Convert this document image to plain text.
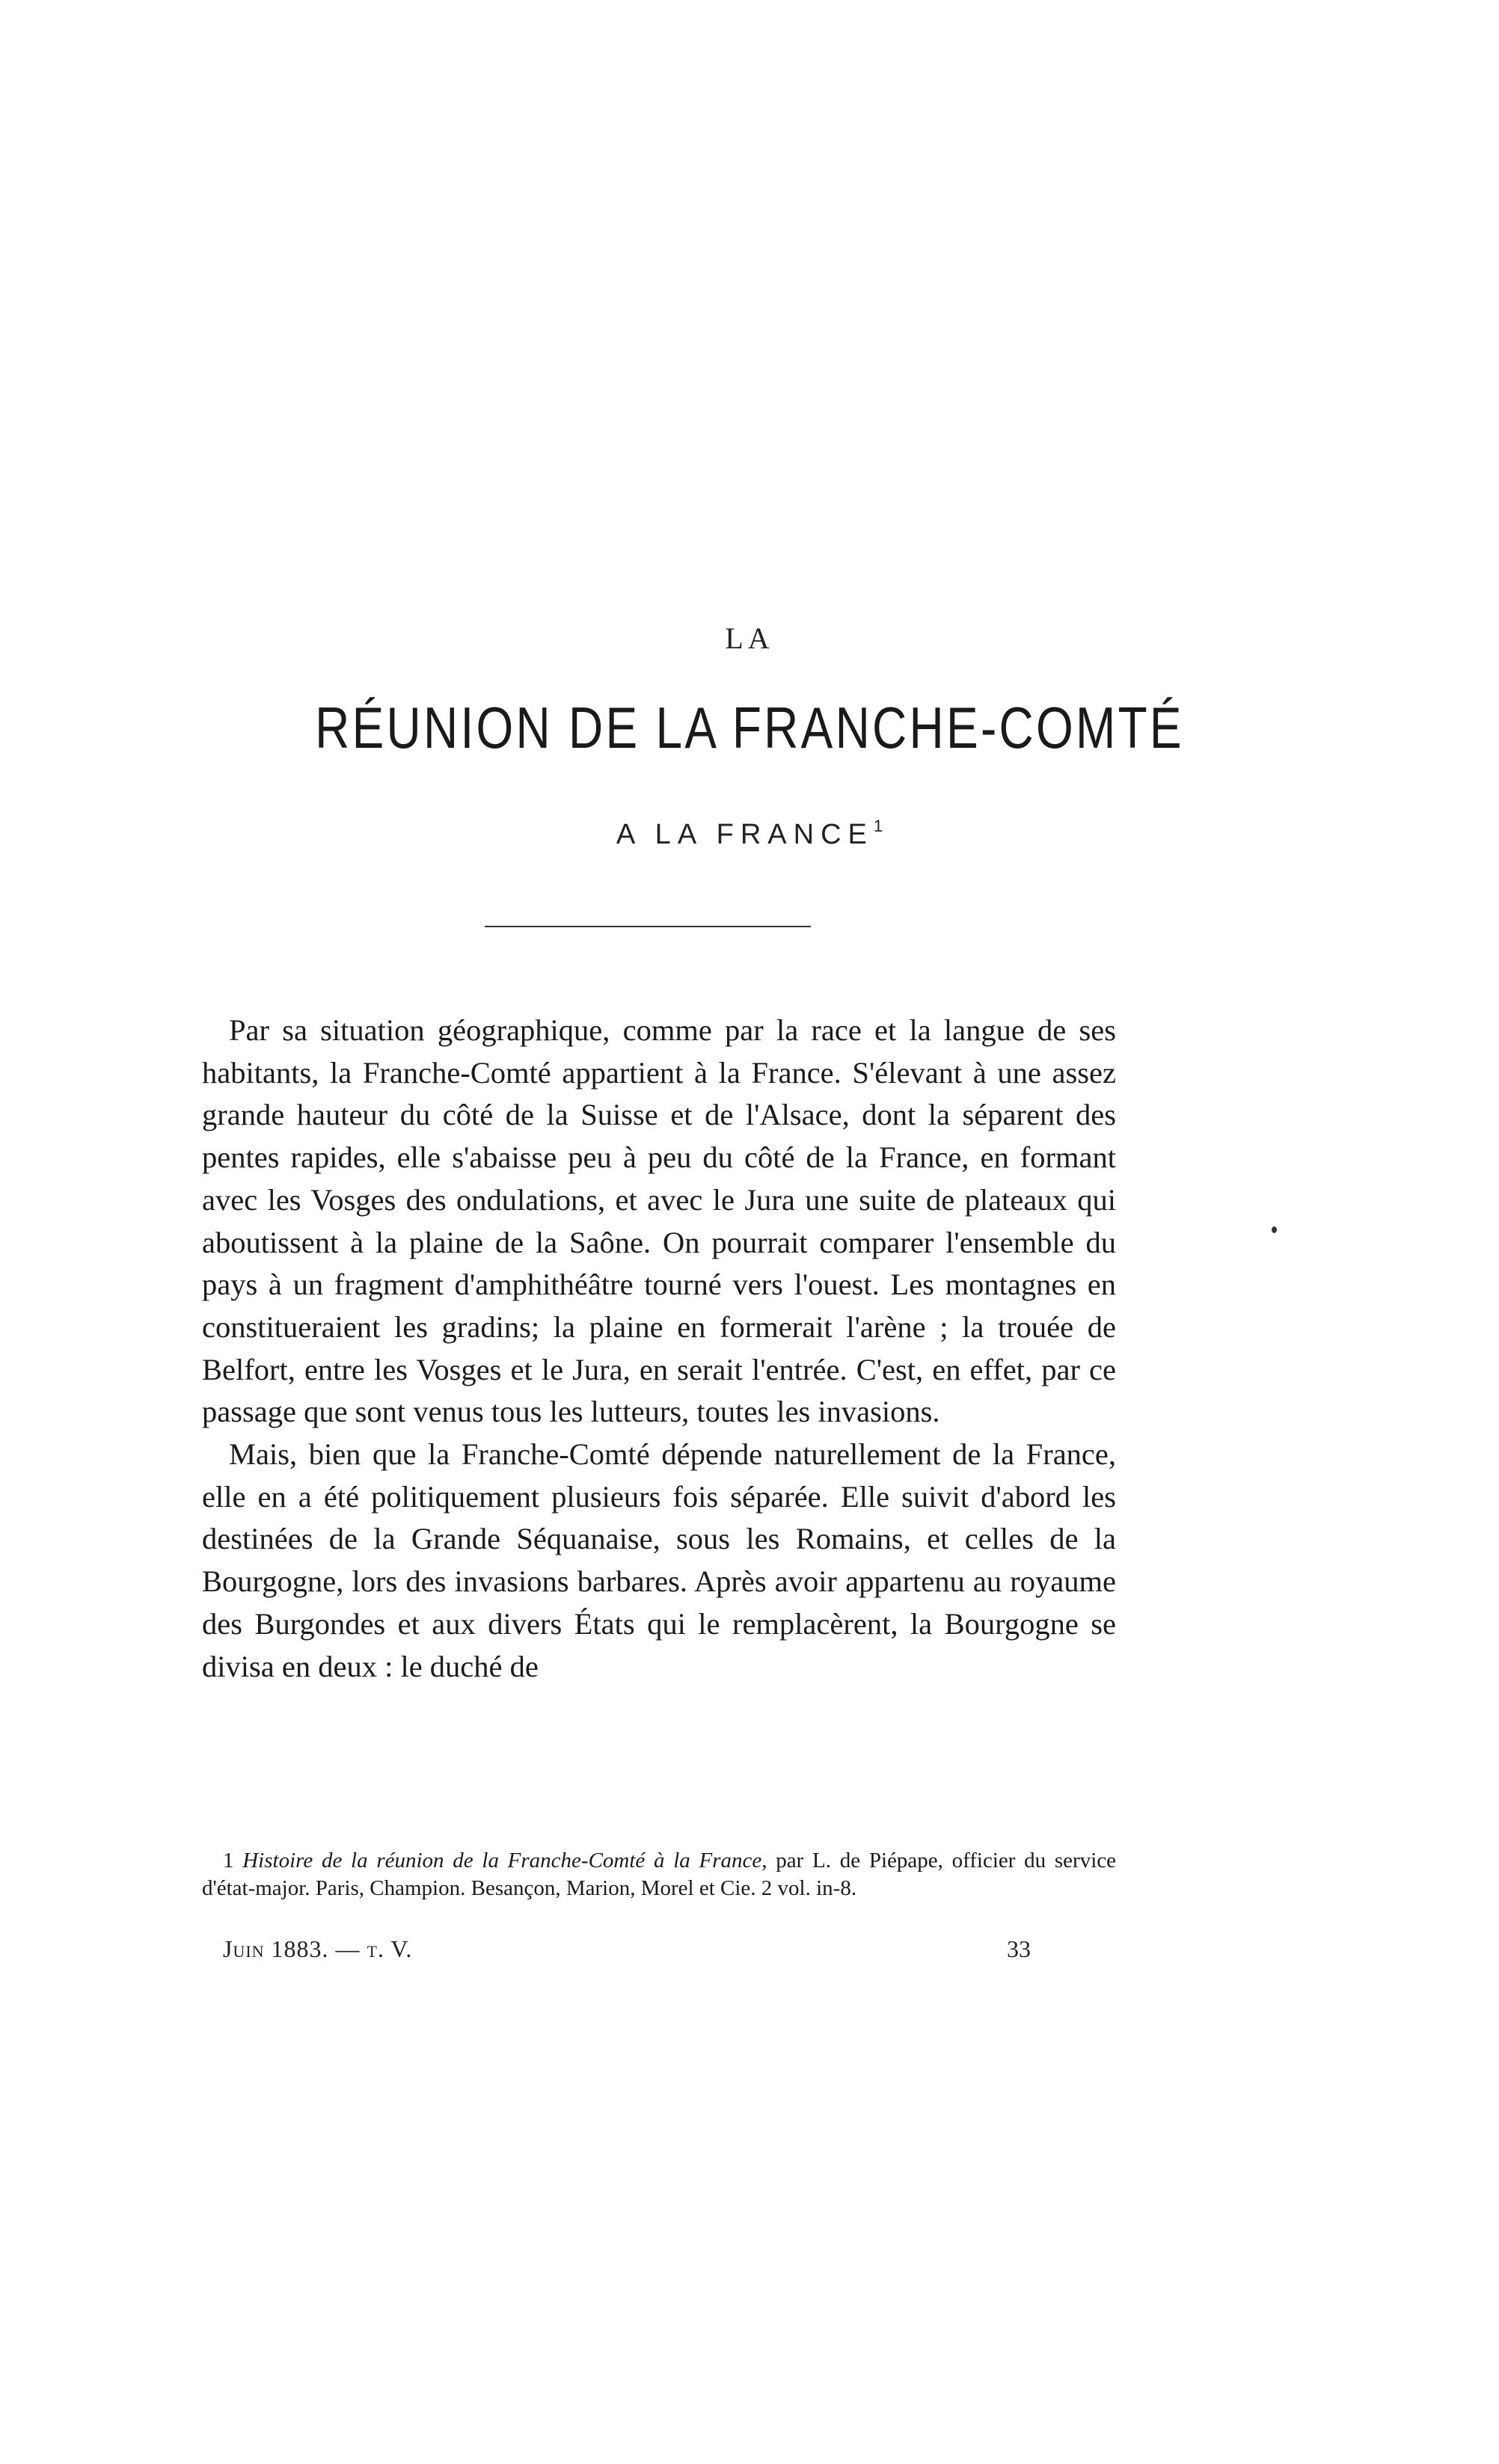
LA
RÉUNION DE LA FRANCHE-COMTÉ
A LA FRANCE$^1$

Par sa situation géographique, comme par la race et la langue de ses habitants, la Franche-Comté appartient à la France. S'élevant à une assez grande hauteur du côté de la Suisse et de l'Alsace, dont la séparent des pentes rapides, elle s'abaisse peu à peu du côté de la France, en formant avec les Vosges des ondulations, et avec le Jura une suite de plateaux qui aboutissent à la plaine de la Saône. On pourrait comparer l'ensemble du pays à un fragment d'amphithéâtre tourné vers l'ouest. Les montagnes en constitueraient les gradins; la plaine en formerait l'arène ; la trouée de Belfort, entre les Vosges et le Jura, en serait l'entrée. C'est, en effet, par ce passage que sont venus tous les lutteurs, toutes les invasions.

Mais, bien que la Franche-Comté dépende naturellement de la France, elle en a été politiquement plusieurs fois séparée. Elle suivit d'abord les destinées de la Grande Séquanaise, sous les Romains, et celles de la Bourgogne, lors des invasions barbares. Après avoir appartenu au royaume des Burgondes et aux divers États qui le remplacèrent, la Bourgogne se divisa en deux : le duché de

1 Histoire de la réunion de la Franche-Comté à la France, par L. de Piépape, officier du service d'état-major. Paris, Champion. Besançon, Marion, Morel et Cie. 2 vol. in-8.

Juin 1883. — t. V.	33
